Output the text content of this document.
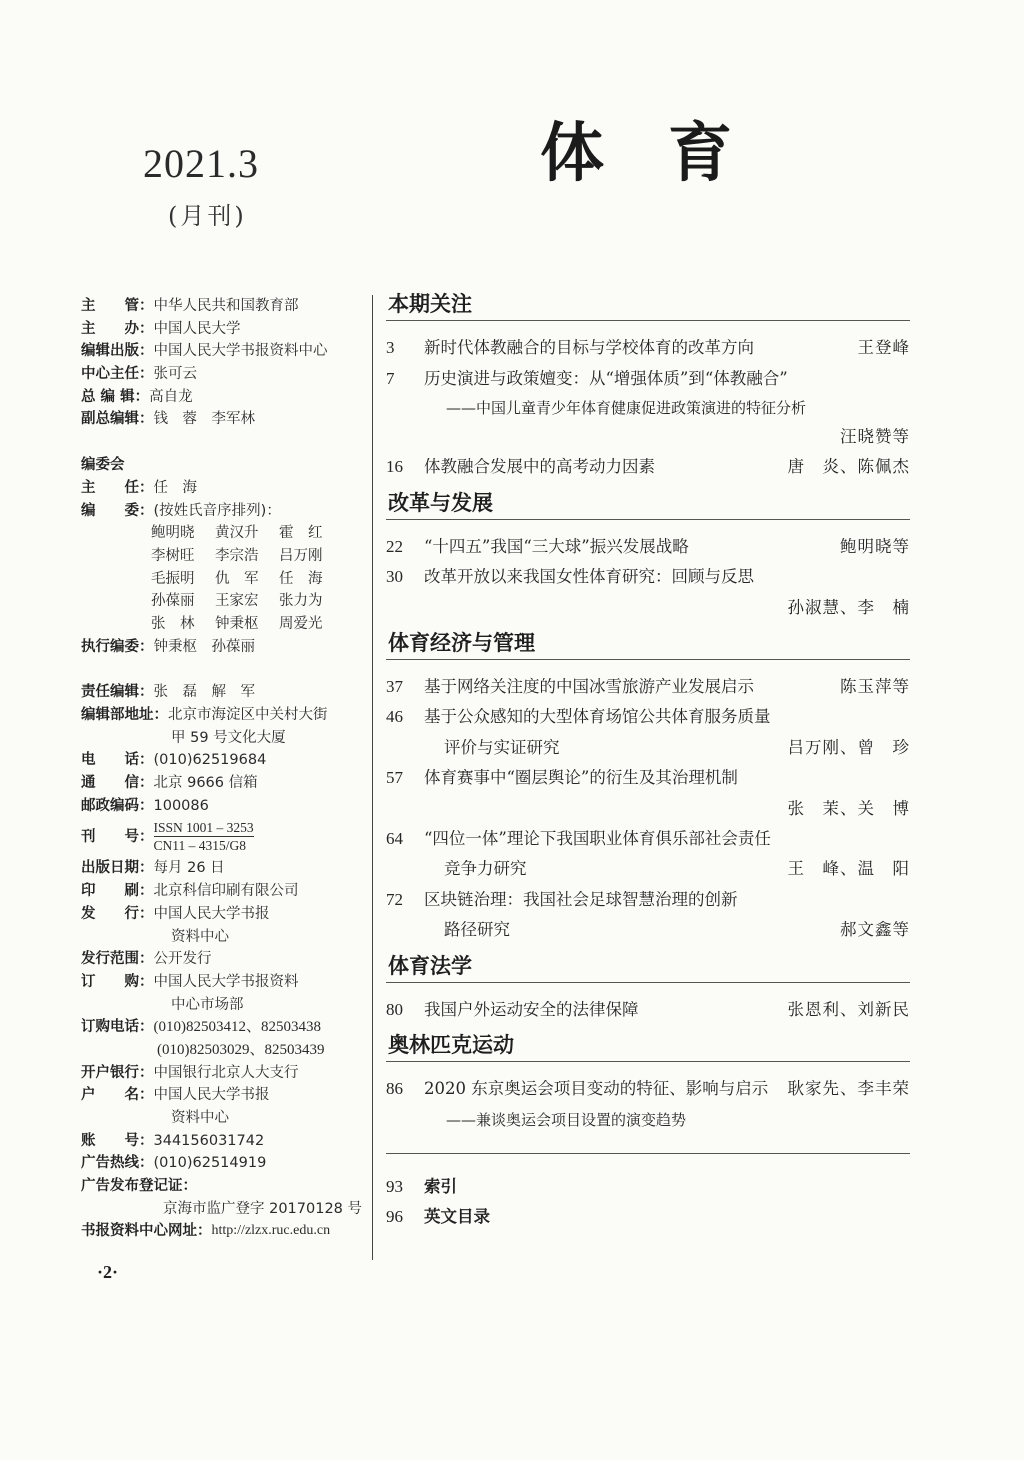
2021.3
(月刊)
体育
主　　管： 中华人民共和国教育部
主　　办： 中国人民大学
编辑出版： 中国人民大学书报资料中心
中心主任： 张可云
总 编 辑： 高自龙
副总编辑： 钱　蓉　李军林
编委会
主　　任： 任　海
编　　委： (按姓氏音序排列)：
鲍明晓	黄汉升	霍　红
李树旺	李宗浩	吕万刚
毛振明	仇　军	任　海
孙葆丽	王家宏	张力为
张　林	钟秉枢	周爱光
执行编委： 钟秉枢　孙葆丽
责任编辑： 张　磊　解　军
编辑部地址： 北京市海淀区中关村大街
甲 59 号文化大厦
电　　话： (010)62519684
通　　信： 北京 9666 信箱
邮政编码： 100086
刊　　号：
ISSN 1001 – 3253
CN11 – 4315/G8
出版日期： 每月 26 日
印　　刷： 北京科信印刷有限公司
发　　行： 中国人民大学书报
资料中心
发行范围： 公开发行
订　　购： 中国人民大学书报资料
中心市场部
订购电话： (010)82503412、82503438
(010)82503029、82503439
开户银行： 中国银行北京人大支行
户　　名： 中国人民大学书报
资料中心
账　　号： 344156031742
广告热线： (010)62514919
广告发布登记证：
京海市监广登字 20170128 号
书报资料中心网址： http://zlzx.ruc.edu.cn
·2·
本期关注
3 新时代体教融合的目标与学校体育的改革方向	王登峰
7 历史演进与政策嬗变：从“增强体质”到“体教融合”
——中国儿童青少年体育健康促进政策演进的特征分析
汪晓赞等
16 体教融合发展中的高考动力因素	唐　炎、陈佩杰
改革与发展
22 “十四五”我国“三大球”振兴发展战略	鲍明晓等
30 改革开放以来我国女性体育研究：回顾与反思
孙淑慧、李　楠
体育经济与管理
37 基于网络关注度的中国冰雪旅游产业发展启示	陈玉萍等
46 基于公众感知的大型体育场馆公共体育服务质量
评价与实证研究	吕万刚、曾　珍
57 体育赛事中“圈层舆论”的衍生及其治理机制
张　茉、关　博
64 “四位一体”理论下我国职业体育俱乐部社会责任
竞争力研究	王　峰、温　阳
72 区块链治理：我国社会足球智慧治理的创新
路径研究	郝文鑫等
体育法学
80 我国户外运动安全的法律保障	张恩利、刘新民
奥林匹克运动
86 2020 东京奥运会项目变动的特征、影响与启示 耿家先、李丰荣
——兼谈奥运会项目设置的演变趋势
93 索引
96 英文目录
